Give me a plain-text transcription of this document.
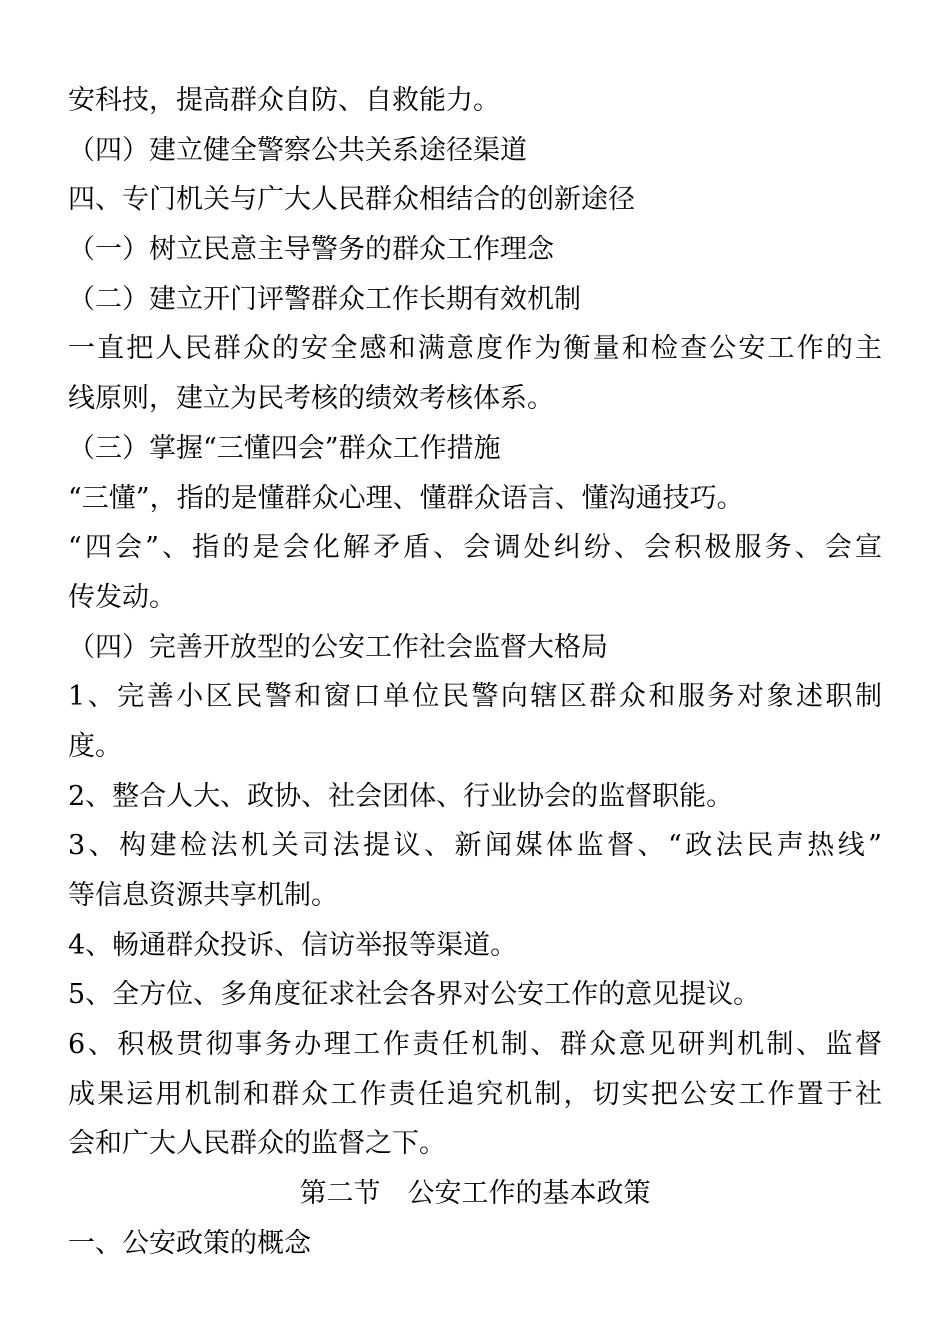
安科技，提高群众自防、自救能力。

（四）建立健全警察公共关系途径渠道

四、专门机关与广大人民群众相结合的创新途径

（一）树立民意主导警务的群众工作理念

（二）建立开门评警群众工作长期有效机制

一直把人民群众的安全感和满意度作为衡量和检查公安工作的主

线原则，建立为民考核的绩效考核体系。

（三）掌握“三懂四会”群众工作措施

“三懂”，指的是懂群众心理、懂群众语言、懂沟通技巧。

“四会”、指的是会化解矛盾、会调处纠纷、会积极服务、会宣

传发动。

（四）完善开放型的公安工作社会监督大格局

1、完善小区民警和窗口单位民警向辖区群众和服务对象述职制

度。

2、整合人大、政协、社会团体、行业协会的监督职能。

3、构建检法机关司法提议、新闻媒体监督、“政法民声热线”

等信息资源共享机制。

4、畅通群众投诉、信访举报等渠道。

5、全方位、多角度征求社会各界对公安工作的意见提议。

6、积极贯彻事务办理工作责任机制、群众意见研判机制、监督

成果运用机制和群众工作责任追究机制，切实把公安工作置于社

会和广大人民群众的监督之下。

第二节　公安工作的基本政策

一、公安政策的概念
